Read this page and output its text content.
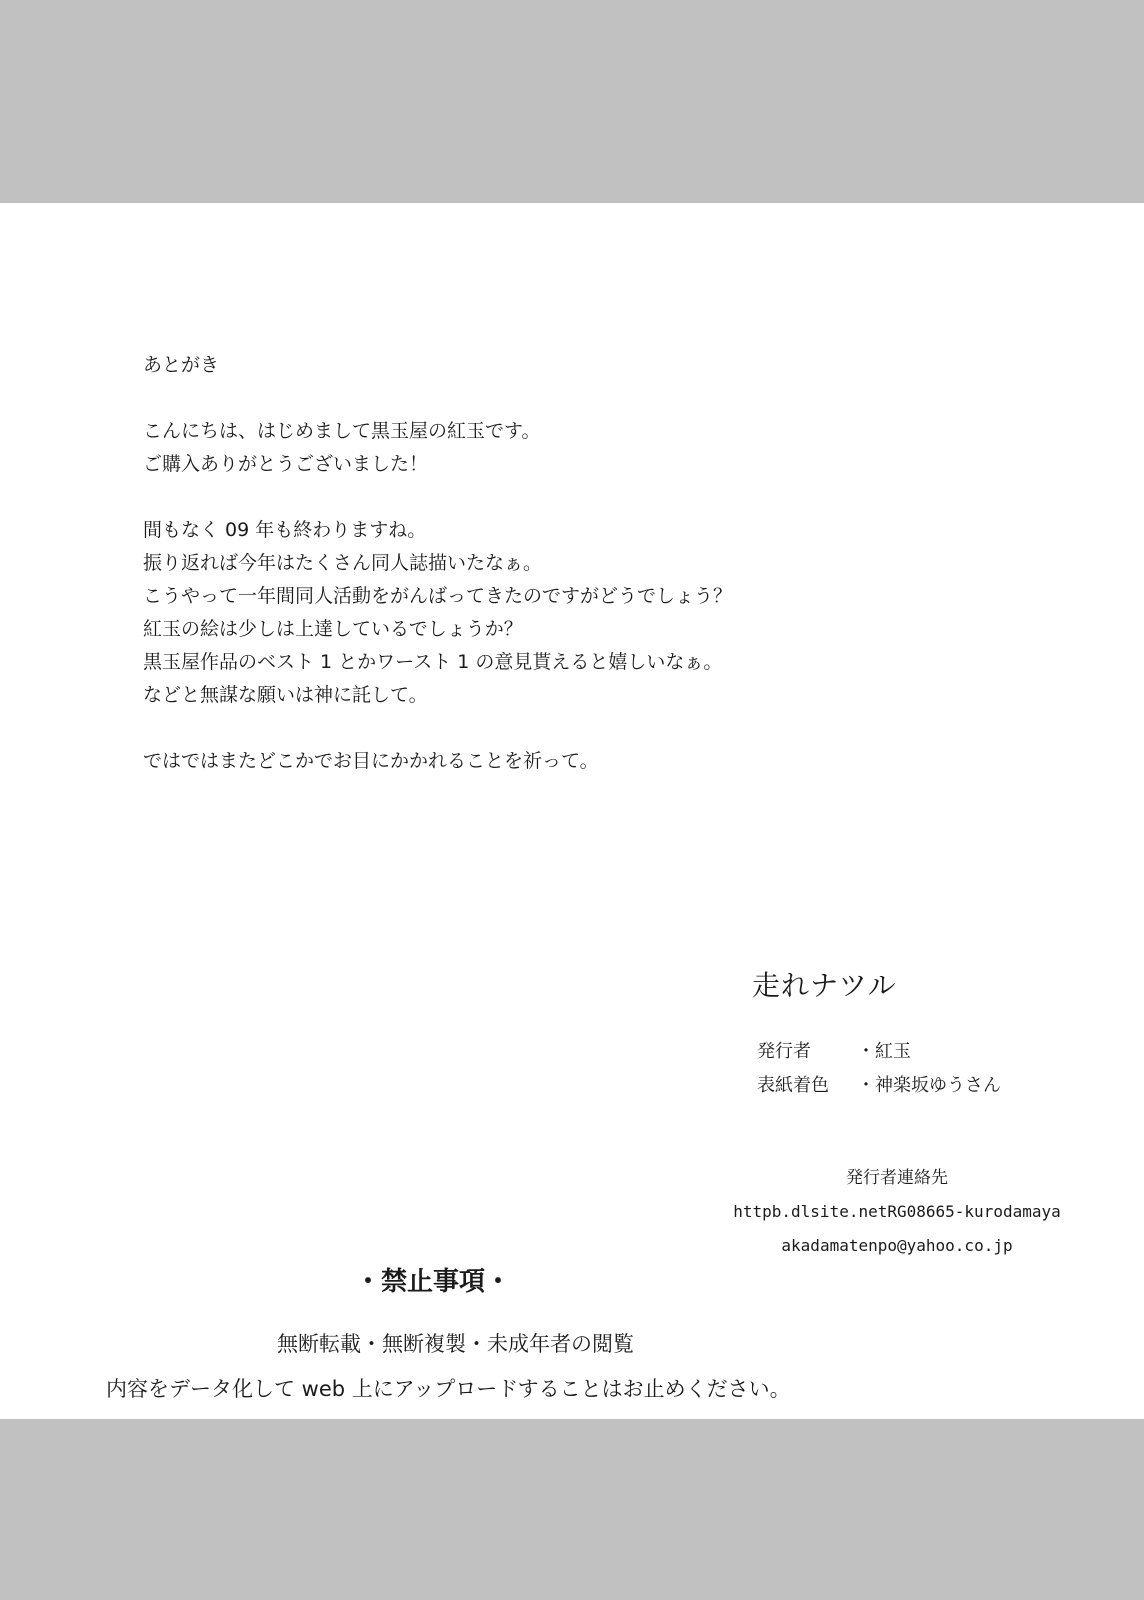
あとがき

こんにちは、はじめまして黒玉屋の紅玉です。

ご購入ありがとうございました！

間もなく 09 年も終わりますね。

振り返れば今年はたくさん同人誌描いたなぁ。

こうやって一年間同人活動をがんばってきたのですがどうでしょう？

紅玉の絵は少しは上達しているでしょうか？

黒玉屋作品のベスト 1 とかワースト 1 の意見貰えると嬉しいなぁ。

などと無謀な願いは神に託して。

ではではまたどこかでお目にかかれることを祈って。

走れナツル
発行者	・紅玉
表紙着色	・神楽坂ゆうさん
発行者連絡先
httpb.dlsite.netRG08665-kurodamaya
akadamatenpo@yahoo.co.jp
・禁止事項・
無断転載・無断複製・未成年者の閲覧
内容をデータ化して web 上にアップロードすることはお止めください。
